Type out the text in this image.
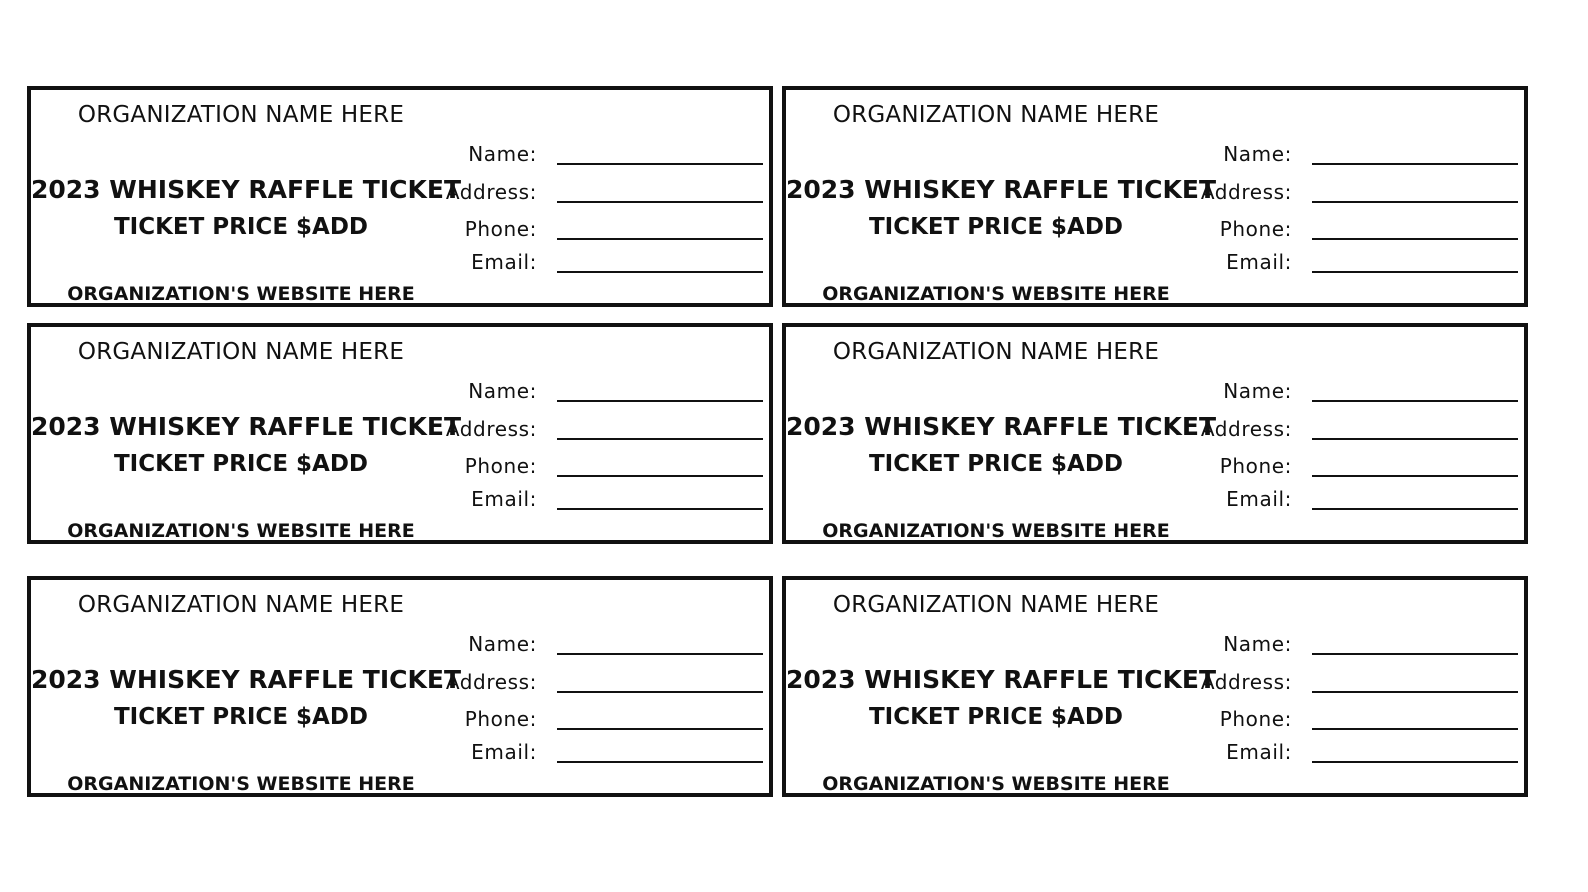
ORGANIZATION NAME HERE
2023 WHISKEY RAFFLE TICKET
TICKET PRICE $ADD
ORGANIZATION'S WEBSITE HERE
Name:
Address:
Phone:
Email:
ORGANIZATION NAME HERE
2023 WHISKEY RAFFLE TICKET
TICKET PRICE $ADD
ORGANIZATION'S WEBSITE HERE
Name:
Address:
Phone:
Email:
ORGANIZATION NAME HERE
2023 WHISKEY RAFFLE TICKET
TICKET PRICE $ADD
ORGANIZATION'S WEBSITE HERE
Name:
Address:
Phone:
Email:
ORGANIZATION NAME HERE
2023 WHISKEY RAFFLE TICKET
TICKET PRICE $ADD
ORGANIZATION'S WEBSITE HERE
Name:
Address:
Phone:
Email:
ORGANIZATION NAME HERE
2023 WHISKEY RAFFLE TICKET
TICKET PRICE $ADD
ORGANIZATION'S WEBSITE HERE
Name:
Address:
Phone:
Email:
ORGANIZATION NAME HERE
2023 WHISKEY RAFFLE TICKET
TICKET PRICE $ADD
ORGANIZATION'S WEBSITE HERE
Name:
Address:
Phone:
Email:
